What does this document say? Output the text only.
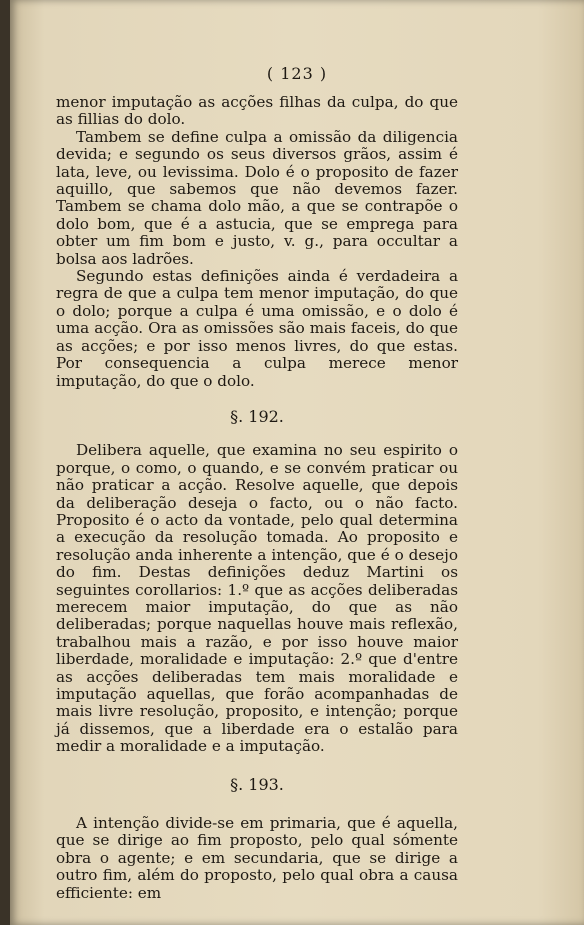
( 123 )

menor imputação as acções filhas da culpa, do que as fillias do dolo.

Tambem se define culpa a omissão da diligencia devida; e segundo os seus diversos grãos, assim é lata, leve, ou levissima. Dolo é o proposito de fazer aquillo, que sabemos que não devemos fazer. Tambem se chama dolo mão, a que se contrapõe o dolo bom, que é a astucia, que se emprega para obter um fim bom e justo, v. g., para occultar a bolsa aos ladrões.

Segundo estas definições ainda é verdadeira a regra de que a culpa tem menor imputação, do que o dolo; porque a culpa é uma omissão, e o dolo é uma acção. Ora as omissões são mais faceis, do que as acções; e por isso menos livres, do que estas. Por consequencia a culpa merece menor imputação, do que o dolo.

§. 192.

Delibera aquelle, que examina no seu espirito o porque, o como, o quando, e se convém praticar ou não praticar a acção. Resolve aquelle, que depois da deliberação deseja o facto, ou o não facto. Proposito é o acto da vontade, pelo qual determina a execução da resolução tomada. Ao proposito e resolução anda inherente a intenção, que é o desejo do fim. Destas definições deduz Martini os seguintes corollarios: 1.º que as acções deliberadas merecem maior imputação, do que as não deliberadas; porque naquellas houve mais reflexão, trabalhou mais a razão, e por isso houve maior liberdade, moralidade e imputação: 2.º que d'entre as acções deliberadas tem mais moralidade e imputação aquellas, que forão acompanhadas de mais livre resolução, proposito, e intenção; porque já dissemos, que a liberdade era o estalão para medir a moralidade e a imputação.

§. 193.

A intenção divide-se em primaria, que é aquella, que se dirige ao fim proposto, pelo qual sómente obra o agente; e em secundaria, que se dirige a outro fim, além do proposto, pelo qual obra a causa efficiente: em
